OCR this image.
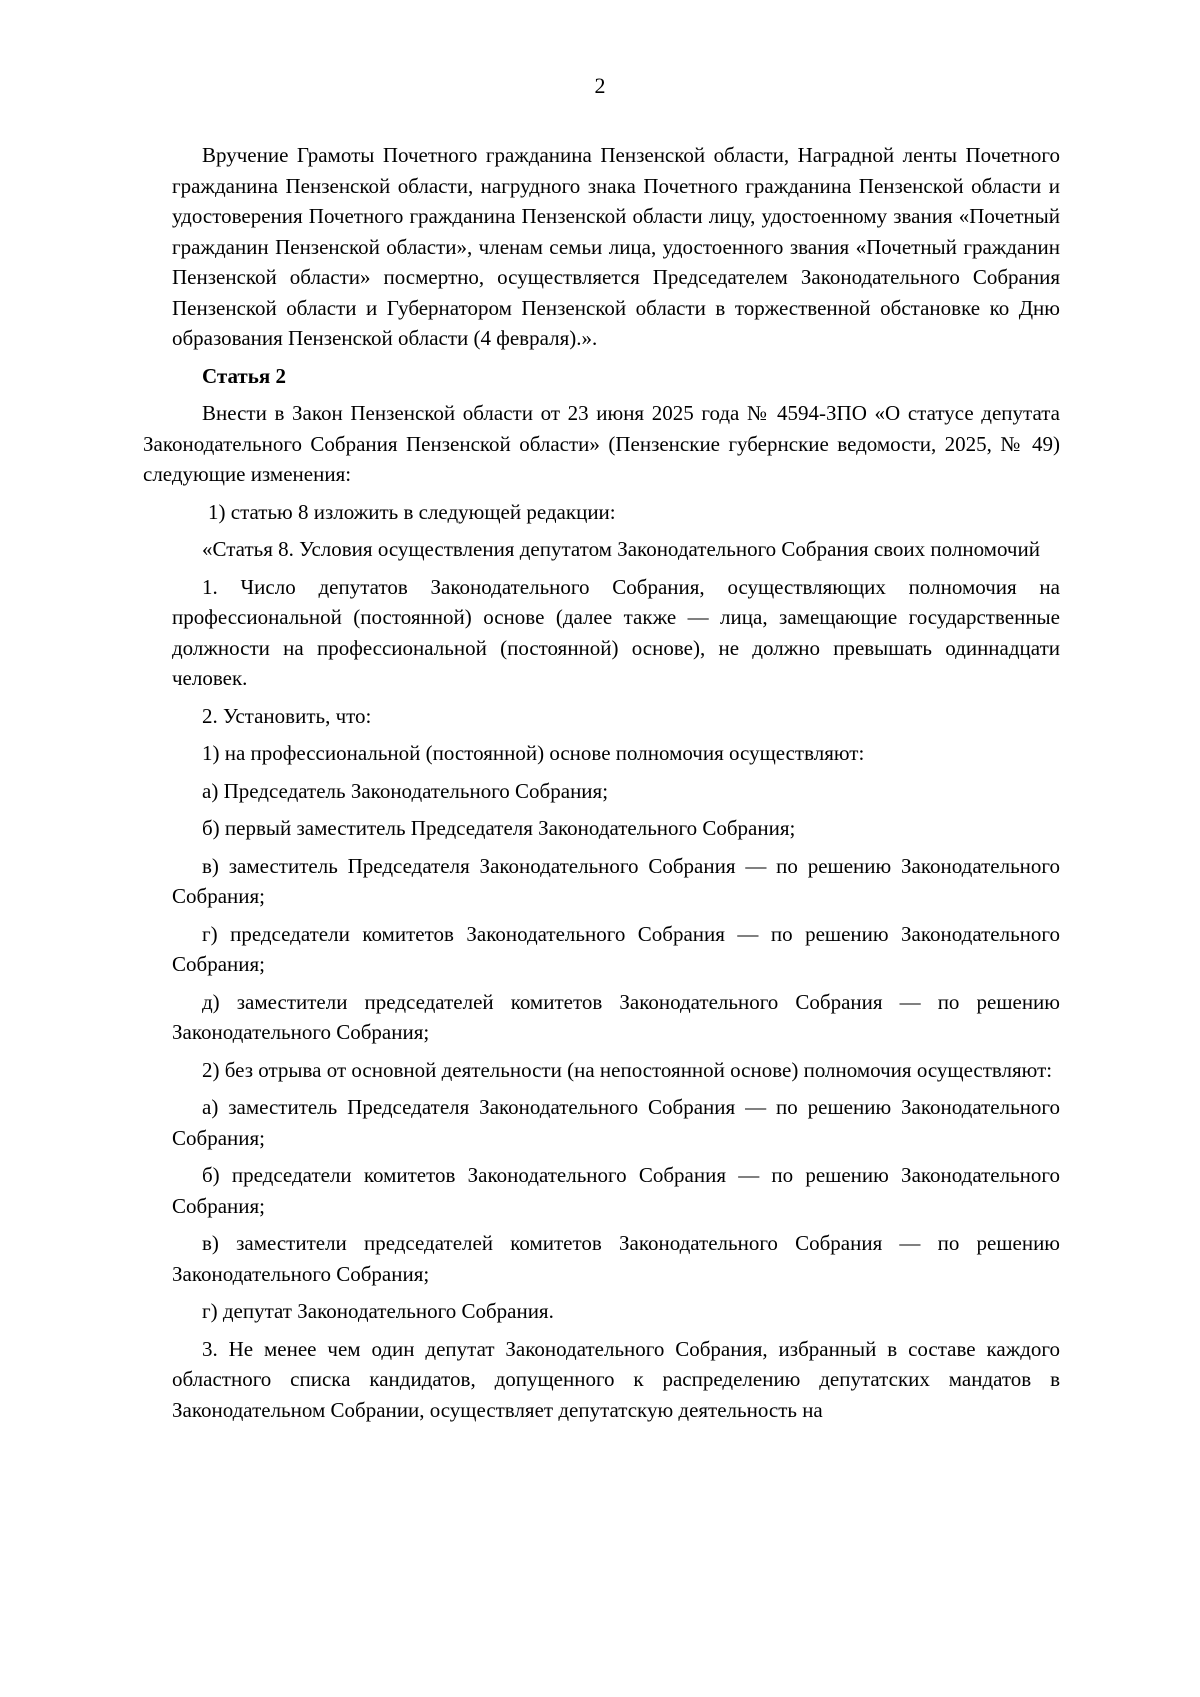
2

Вручение Грамоты Почетного гражданина Пензенской области, Наградной ленты Почетного гражданина Пензенской области, нагрудного знака Почетного гражданина Пензенской области и удостоверения Почетного гражданина Пензенской области лицу, удостоенному звания «Почетный гражданин Пензенской области», членам семьи лица, удостоенного звания «Почетный гражданин Пензенской области» посмертно, осуществляется Председателем Законодательного Собрания Пензенской области и Губернатором Пензенской области в торжественной обстановке ко Дню образования Пензенской области (4 февраля).».

Статья 2

Внести в Закон Пензенской области от 23 июня 2025 года № 4594-ЗПО «О статусе депутата Законодательного Собрания Пензенской области» (Пензенские губернские ведомости, 2025, № 49) следующие изменения:

1) статью 8 изложить в следующей редакции:

«Статья 8. Условия осуществления депутатом Законодательного Собрания своих полномочий

1. Число депутатов Законодательного Собрания, осуществляющих полномочия на профессиональной (постоянной) основе (далее также — лица, замещающие государственные должности на профессиональной (постоянной) основе), не должно превышать одиннадцати человек.

2. Установить, что:

1) на профессиональной (постоянной) основе полномочия осуществляют:

а) Председатель Законодательного Собрания;

б) первый заместитель Председателя Законодательного Собрания;

в) заместитель Председателя Законодательного Собрания — по решению Законодательного Собрания;

г) председатели комитетов Законодательного Собрания — по решению Законодательного Собрания;

д) заместители председателей комитетов Законодательного Собрания — по решению Законодательного Собрания;

2) без отрыва от основной деятельности (на непостоянной основе) полномочия осуществляют:

а) заместитель Председателя Законодательного Собрания — по решению Законодательного Собрания;

б) председатели комитетов Законодательного Собрания — по решению Законодательного Собрания;

в) заместители председателей комитетов Законодательного Собрания — по решению Законодательного Собрания;

г) депутат Законодательного Собрания.

3. Не менее чем один депутат Законодательного Собрания, избранный в составе каждого областного списка кандидатов, допущенного к распределению депутатских мандатов в Законодательном Собрании, осуществляет депутатскую деятельность на
